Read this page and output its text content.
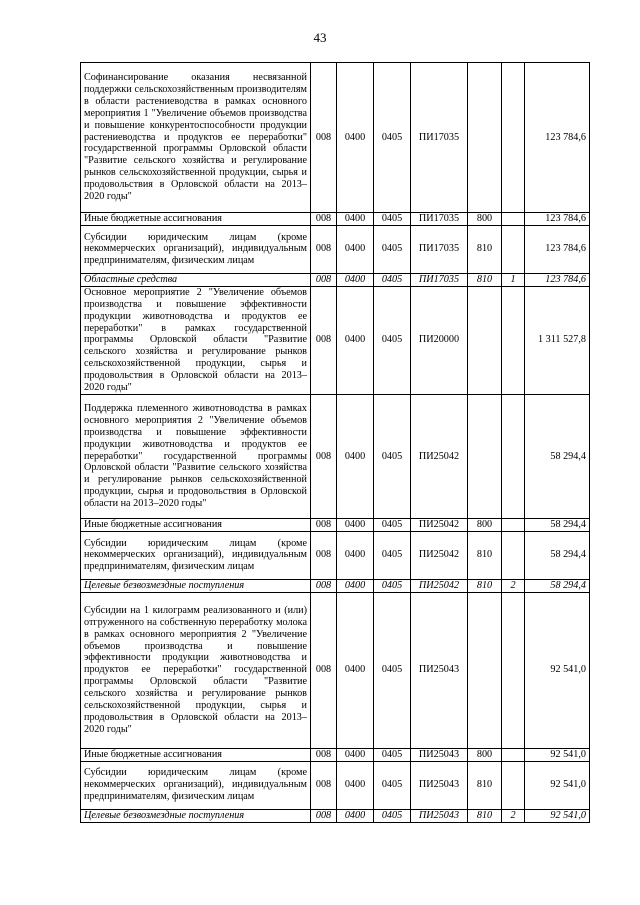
43
Софинансирование оказания несвязанной поддержки сельскохозяйственным производителям в области растениеводства в рамках основного мероприятия 1 "Увеличение объемов производства и повышение конкурентоспособности продукции растениеводства и продуктов ее переработки" государственной программы Орловской области "Развитие сельского хозяйства и регулирование рынков сельскохозяйственной продукции, сырья и продовольствия в Орловской области на 2013–2020 годы"	008	0400	0405	ПИ17035			123 784,6
Иные бюджетные ассигнования	008	0400	0405	ПИ17035	800		123 784,6
Субсидии юридическим лицам (кроме некоммерческих организаций), индивидуальным предпринимателям, физическим лицам	008	0400	0405	ПИ17035	810		123 784,6
Областные средства	008	0400	0405	ПИ17035	810	1	123 784,6
Основное мероприятие 2 "Увеличение объемов производства и повышение эффективности продукции животноводства и продуктов ее переработки" в рамках государственной программы Орловской области "Развитие сельского хозяйства и регулирование рынков сельскохозяйственной продукции, сырья и продовольствия в Орловской области на 2013–2020 годы"	008	0400	0405	ПИ20000			1 311 527,8
Поддержка племенного животноводства в рамках основного мероприятия 2 "Увеличение объемов производства и повышение эффективности продукции животноводства и продуктов ее переработки" государственной программы Орловской области "Развитие сельского хозяйства и регулирование рынков сельскохозяйственной продукции, сырья и продовольствия в Орловской области на 2013–2020 годы"	008	0400	0405	ПИ25042			58 294,4
Иные бюджетные ассигнования	008	0400	0405	ПИ25042	800		58 294,4
Субсидии юридическим лицам (кроме некоммерческих организаций), индивидуальным предпринимателям, физическим лицам	008	0400	0405	ПИ25042	810		58 294,4
Целевые безвозмездные поступления	008	0400	0405	ПИ25042	810	2	58 294,4
Субсидии на 1 килограмм реализованного и (или) отгруженного на собственную переработку молока в рамках основного мероприятия 2 "Увеличение объемов производства и повышение эффективности продукции животноводства и продуктов ее переработки" государственной программы Орловской области "Развитие сельского хозяйства и регулирование рынков сельскохозяйственной продукции, сырья и продовольствия в Орловской области на 2013–2020 годы"	008	0400	0405	ПИ25043			92 541,0
Иные бюджетные ассигнования	008	0400	0405	ПИ25043	800		92 541,0
Субсидии юридическим лицам (кроме некоммерческих организаций), индивидуальным предпринимателям, физическим лицам	008	0400	0405	ПИ25043	810		92 541,0
Целевые безвозмездные поступления	008	0400	0405	ПИ25043	810	2	92 541,0
